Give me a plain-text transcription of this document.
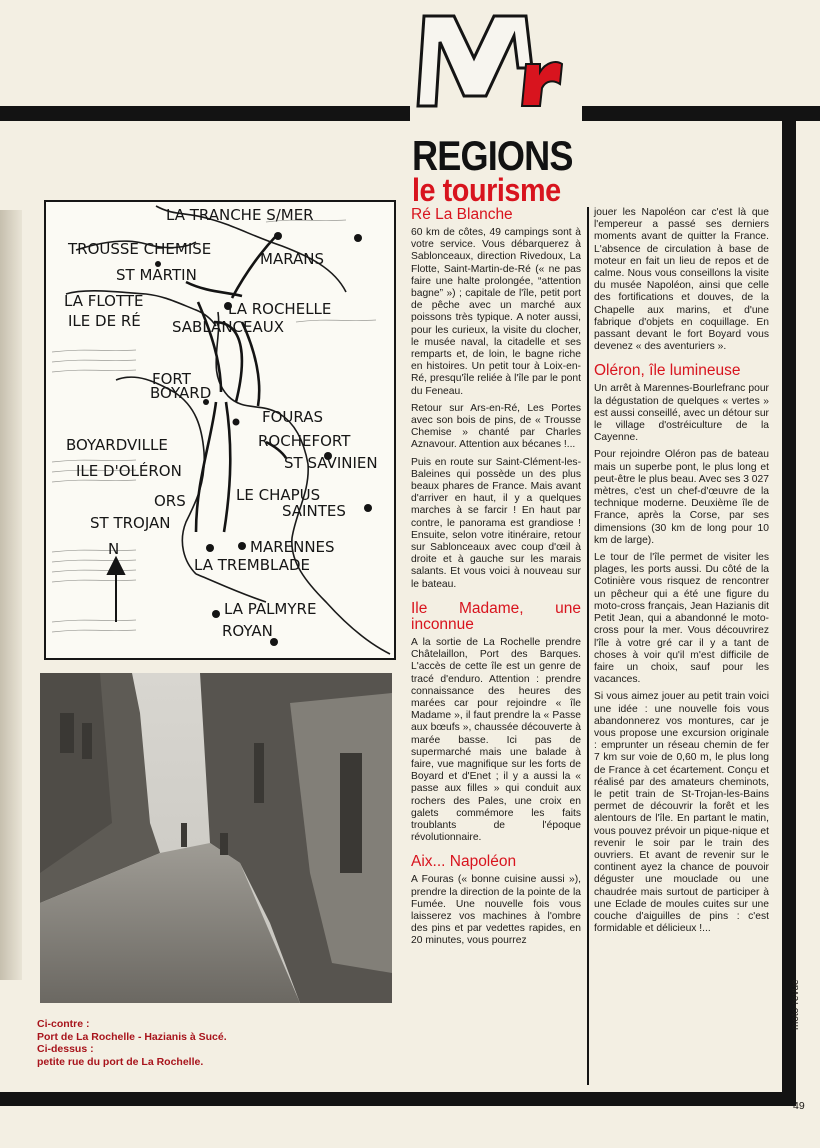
REGIONS
le tourisme
LA TRANCHE S/MER
TROUSSE CHEMISE
MARANS
ST MARTIN
LA FLOTTE
ILE DE RÉ
LA ROCHELLE
SABLANCEAUX
FORT
BOYARD
FOURAS
BOYARDVILLE	ROCHEFORT
ILE D'OLÉRON	ST SAVINIEN
ORS	LE CHAPUS
SAINTES
ST TROJAN
MARENNES
LA TREMBLADE
LA PALMYRE
ROYAN
N
Ci-contre :
Port de La Rochelle - Hazianis à Sucé.
Ci-dessus :
petite rue du port de La Rochelle.
Ré La Blanche

60 km de côtes, 49 campings sont à votre service. Vous débarquerez à Sablonceaux, direction Rivedoux, La Flotte, Saint-Martin-de-Ré (« ne pas faire une halte prolongée, “attention bagne” ») ; capitale de l'île, petit port de pêche avec un marché aux poissons très typique. A noter aussi, pour les curieux, la visite du clocher, le musée naval, la citadelle et ses remparts et, de loin, le bagne riche en histoires. Un petit tour à Loix-en-Ré, presqu'île reliée à l'île par le pont du Feneau.

Retour sur Ars-en-Ré, Les Portes avec son bois de pins, de « Trousse Chemise » chanté par Charles Aznavour. Attention aux bécanes !...

Puis en route sur Saint-Clément-les-Baleines qui possède un des plus beaux phares de France. Mais avant d'arriver en haut, il y a quelques marches à se farcir ! En haut par contre, le panorama est grandiose ! Ensuite, selon votre itinéraire, retour sur Sablonceaux avec coup d'œil à droite et à gauche sur les marais salants. Et vous voici à nouveau sur le bateau.

Ile Madame, une inconnue

A la sortie de La Rochelle prendre Châtelaillon, Port des Barques. L'accès de cette île est un genre de tracé d'enduro. Attention : prendre connaissance des heures des marées car pour rejoindre « île Madame », il faut prendre la « Passe aux bœufs », chaussée découverte à marée basse. Ici pas de supermarché mais une balade à faire, vue magnifique sur les forts de Boyard et d'Enet ; il y a aussi la « passe aux filles » qui conduit aux rochers des Pales, une croix en galets commémore les faits troublants de l'époque révolutionnaire.

Aix... Napoléon

A Fouras (« bonne cuisine aussi »), prendre la direction de la pointe de la Fumée. Une nouvelle fois vous laisserez vos machines à l'ombre des pins et par vedettes rapides, en 20 minutes, vous pourrez

jouer les Napoléon car c'est là que l'empereur a passé ses derniers moments avant de quitter la France. L'absence de circulation à base de moteur en fait un lieu de repos et de calme. Nous vous conseillons la visite du musée Napoléon, ainsi que celle des fortifications et douves, de la Chapelle aux marins, et d'une fabrique d'objets en coquillage. En passant devant le fort Boyard vous devenez « des aventuriers ».

Oléron, île lumineuse

Un arrêt à Marennes-Bourlefranc pour la dégustation de quelques « vertes » est aussi conseillé, avec un détour sur le village d'ostréiculture de la Cayenne.

Pour rejoindre Oléron pas de bateau mais un superbe pont, le plus long et peut-être le plus beau. Avec ses 3 027 mètres, c'est un chef-d'œuvre de la technique moderne. Deuxième île de France, après la Corse, par ses dimensions (30 km de long pour 10 km de large).

Le tour de l'île permet de visiter les plages, les ports aussi. Du côté de la Cotinière vous risquez de rencontrer un pêcheur qui a été une figure du moto-cross français, Jean Hazianis dit Petit Jean, qui a abandonné le moto-cross pour la mer. Vous découvrirez l'île à votre gré car il y a tant de choses à voir qu'il m'est difficile de faire un choix, sauf pour les vacances.

Si vous aimez jouer au petit train voici une idée : une nouvelle fois vous abandonnerez vos montures, car je vous propose une excursion originale : emprunter un réseau chemin de fer 7 km sur voie de 0,60 m, le plus long de France à cet écartement. Conçu et réalisé par des amateurs cheminots, le petit train de St-Trojan-les-Bains permet de découvrir la forêt et les alentours de l'île. En partant le matin, vous pouvez prévoir un pique-nique et revenir le soir par le train des ouvriers. Et avant de revenir sur le continent ayez la chance de pouvoir déguster une mouclade ou une chaudrée mais surtout de participer à une Eclade de moules cuites sur une couche d'aiguilles de pins : c'est formidable et délicieux !...

moto-revue
49
